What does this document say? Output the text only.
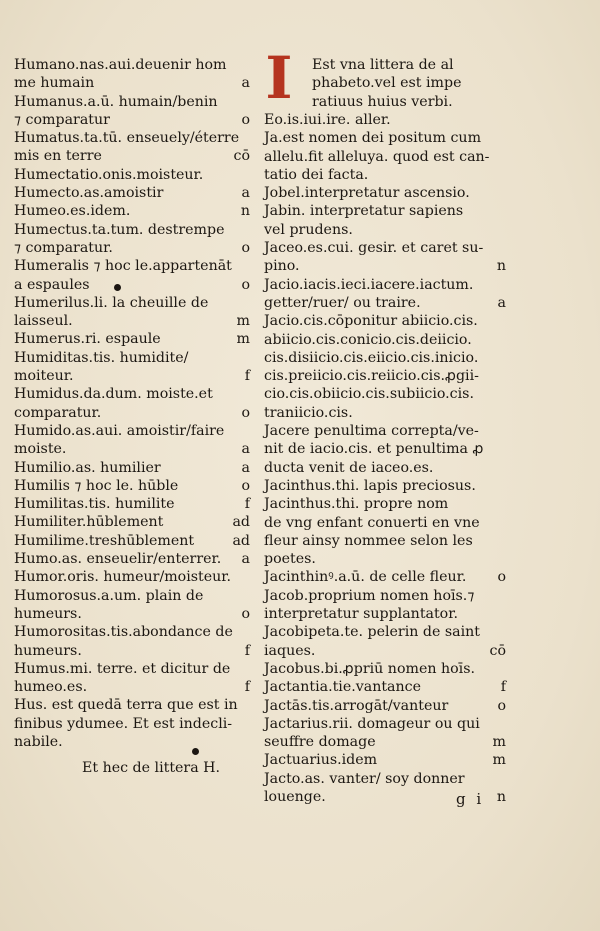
Humano.nas.aui.deuenir hom
me humain	a
Humanus.a.ū. humain/benin
⁊ comparatur	o
Humatus.ta.tū. enseuely/éterre
mis en terre	cō
Humectatio.onis.moisteur.
Humecto.as.amoistir	a
Humeo.es.idem.	n
Humectus.ta.tum. destrempe
⁊ comparatur.	o
Humeralis ⁊ hoc le.appartenāt
a espaules	o
Humerilus.li. la cheuille de
laisseul.	m
Humerus.ri. espaule	m
Humiditas.tis. humidite/
moiteur.	f
Humidus.da.dum. moiste.et
comparatur.	o
Humido.as.aui. amoistir/faire
moiste.	a
Humilio.as. humilier	a
Humilis ⁊ hoc le. hūble	o
Humilitas.tis. humilite	f
Humiliter.hūblement	ad
Humilime.treshūblement	ad
Humo.as. enseuelir/enterrer. a
Humor.oris. humeur/moisteur.
Humorosus.a.um. plain de
humeurs.	o
Humorositas.tis.abondance de
humeurs.	f
Humus.mi. terre. et dicitur de
humeo.es.	f
Hus. est quedā terra que est in
finibus ydumee. Et est indecli-
nabile.
I	Est vna littera de al
phabeto.vel est impe
ratiuus huius verbi.
Eo.is.iui.ire. aller.
Ja.est nomen dei positum cum
allelu.fit alleluya. quod est can-
tatio dei facta.
Jobel.interpretatur ascensio.
Jabin. interpretatur sapiens
vel prudens.
Jaceo.es.cui. gesir. et caret su-
pino.	n
Jacio.iacis.ieci.iacere.iactum.
getter/ruer/ ou traire.	a
Jacio.cis.cōponitur abiicio.cis.
abiicio.cis.conicio.cis.deiicio.
cis.disiicio.cis.eiicio.cis.inicio.
cis.preiicio.cis.reiicio.cis.ꝓgii-
cio.cis.obiicio.cis.subiicio.cis.
traniicio.cis.
Jacere penultima correpta/ve-
nit de iacio.cis. et penultima ꝓ
ducta venit de iaceo.es.
Jacinthus.thi. lapis preciosus.
Jacinthus.thi. propre nom
de vng enfant conuerti en vne
fleur ainsy nommee selon les
poetes.
Jacinthinꝰ.a.ū. de celle fleur. o
Jacob.proprium nomen hoīs.⁊
interpretatur supplantator.
Jacobipeta.te. pelerin de saint
iaques.	cō
Jacobus.bi.ꝓpriū nomen hoīs.
Jactantia.tie.vantance	f
Jactās.tis.arrogāt/vanteur	o
Jactarius.rii. domageur ou qui
seuffre domage	m
Jactuarius.idem	m
Jacto.as. vanter/ soy donner
louenge.	n
Et hec de littera H.
g i
